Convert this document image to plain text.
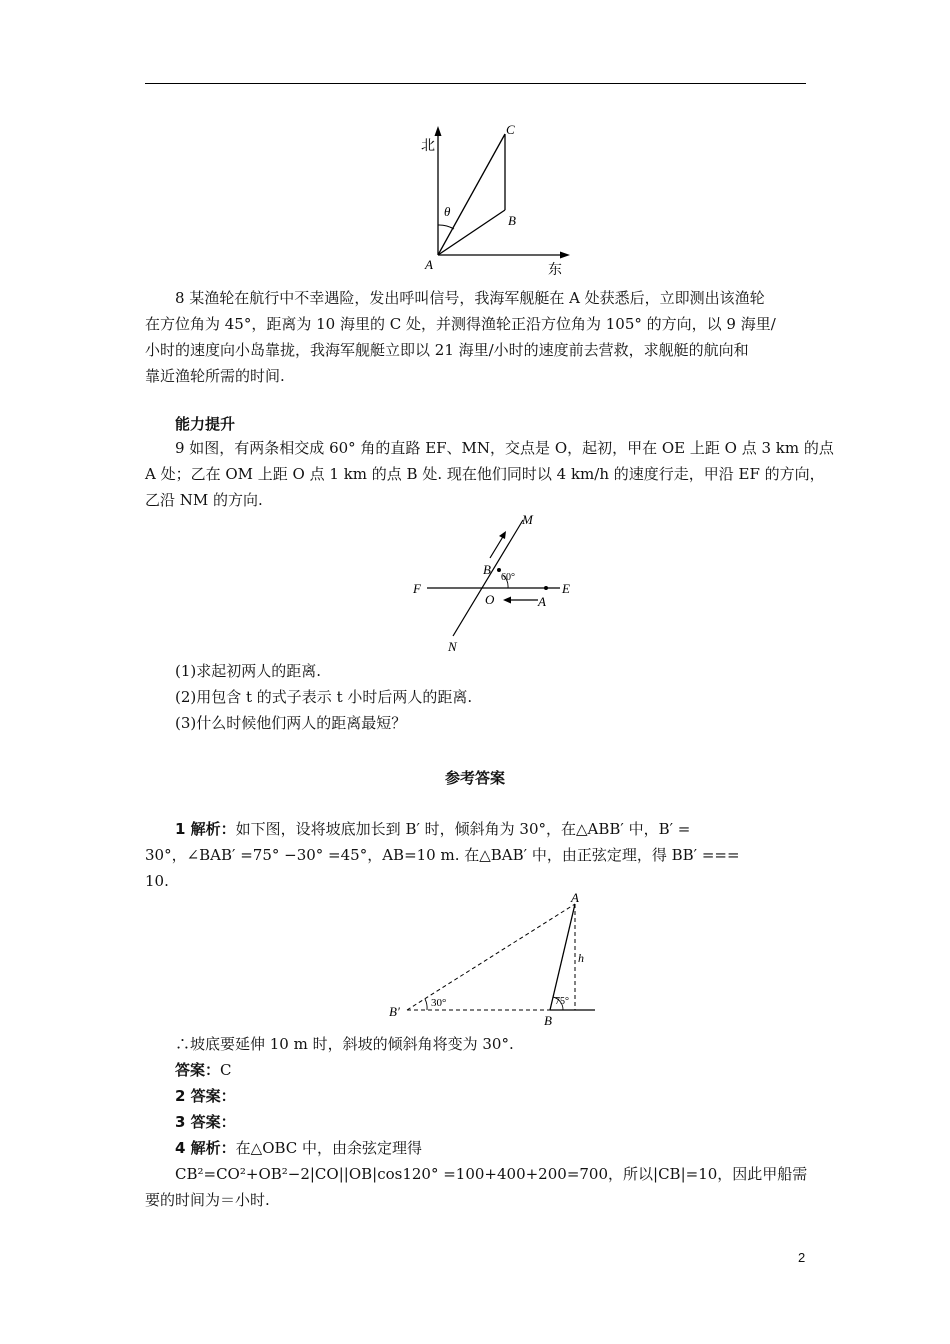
北
东
A
B
C
θ
8 某渔轮在航行中不幸遇险，发出呼叫信号，我海军舰艇在 A 处获悉后，立即测出该渔轮
在方位角为 45°，距离为 10 海里的 C 处，并测得渔轮正沿方位角为 105° 的方向，以 9 海里/
小时的速度向小岛靠拢，我海军舰艇立即以 21 海里/小时的速度前去营救，求舰艇的航向和
靠近渔轮所需的时间.
能力提升
9 如图，有两条相交成 60° 角的直路 EF、MN，交点是 O，起初，甲在 OE 上距 O 点 3 km 的点
A 处；乙在 OM 上距 O 点 1 km 的点 B 处. 现在他们同时以 4 km/h 的速度行走，甲沿 EF 的方向，
乙沿 NM 的方向.
M
N
F	E
O	A
B
60°
(1)求起初两人的距离.
(2)用包含 t 的式子表示 t 小时后两人的距离.
(3)什么时候他们两人的距离最短？
参考答案
1 解析：如下图，设将坡底加长到 B′ 时，倾斜角为 30°，在△ABB′ 中，B′ =
30°，∠BAB′ =75° −30° =45°，AB=10 m. 在△BAB′ 中，由正弦定理，得 BB′ ===
10.
A
B
B′
h
30°	75°
∴坡底要延伸 10 m 时，斜坡的倾斜角将变为 30°.
答案：C
2 答案：
3 答案：
4 解析：在△OBC 中，由余弦定理得
CB²=CO²+OB²−2|CO||OB|cos120° =100+400+200=700，所以|CB|=10，因此甲船需
要的时间为＝小时.
2
